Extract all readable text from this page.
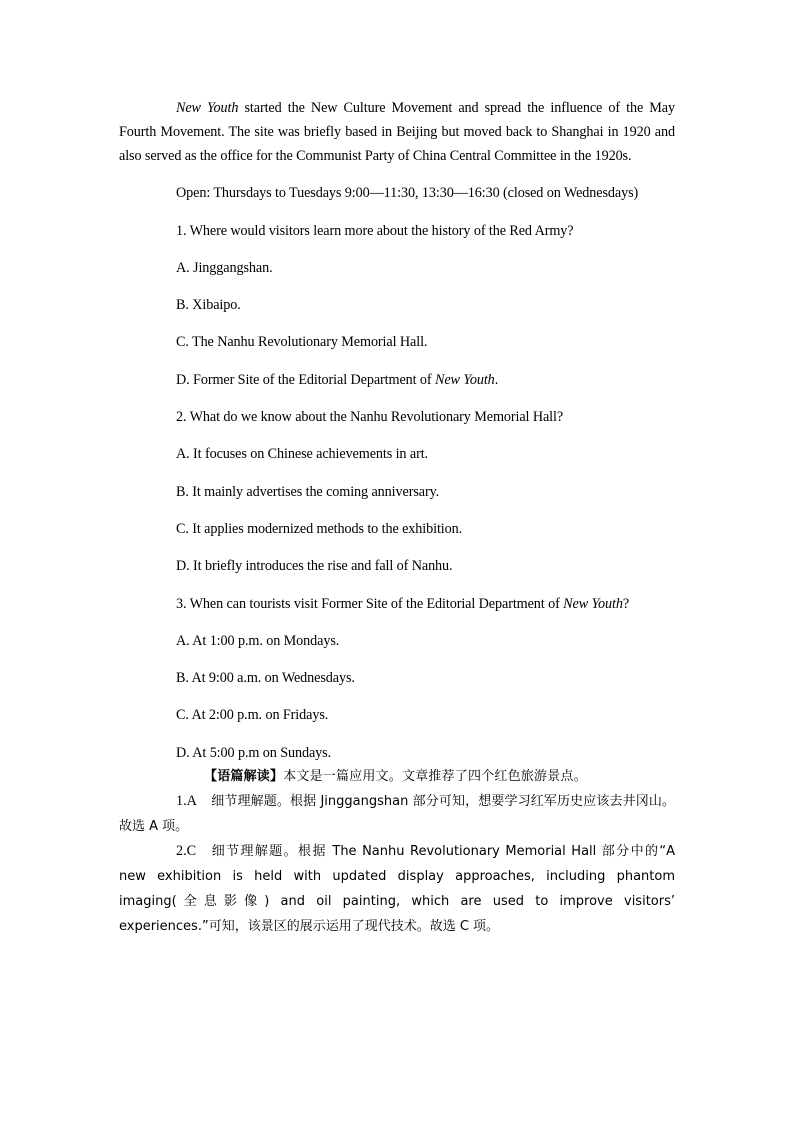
New Youth started the New Culture Movement and spread the influence of the May Fourth Movement. The site was briefly based in Beijing but moved back to Shanghai in 1920 and also served as the office for the Communist Party of China Central Committee in the 1920s.

Open: Thursdays to Tuesdays 9:00—11:30, 13:30—16:30 (closed on Wednesdays)

1. Where would visitors learn more about the history of the Red Army?

A. Jinggangshan.

B. Xibaipo.

C. The Nanhu Revolutionary Memorial Hall.

D. Former Site of the Editorial Department of New Youth.

2. What do we know about the Nanhu Revolutionary Memorial Hall?

A. It focuses on Chinese achievements in art.

B. It mainly advertises the coming anniversary.

C. It applies modernized methods to the exhibition.

D. It briefly introduces the rise and fall of Nanhu.

3. When can tourists visit Former Site of the Editorial Department of New Youth?

A. At 1:00 p.m. on Mondays.

B. At 9:00 a.m. on Wednesdays.

C. At 2:00 p.m. on Fridays.

D. At 5:00 p.m on Sundays.

【语篇解读】本文是一篇应用文。文章推荐了四个红色旅游景点。

1.A  细节理解题。根据 Jinggangshan 部分可知，想要学习红军历史应该去井冈山。故选 A 项。

2.C  细节理解题。根据 The Nanhu Revolutionary Memorial Hall 部分中的“A new exhibition is held with updated display approaches, including phantom imaging(全息影像) and oil painting, which are used to improve visitors’ experiences.”可知，该景区的展示运用了现代技术。故选 C 项。
